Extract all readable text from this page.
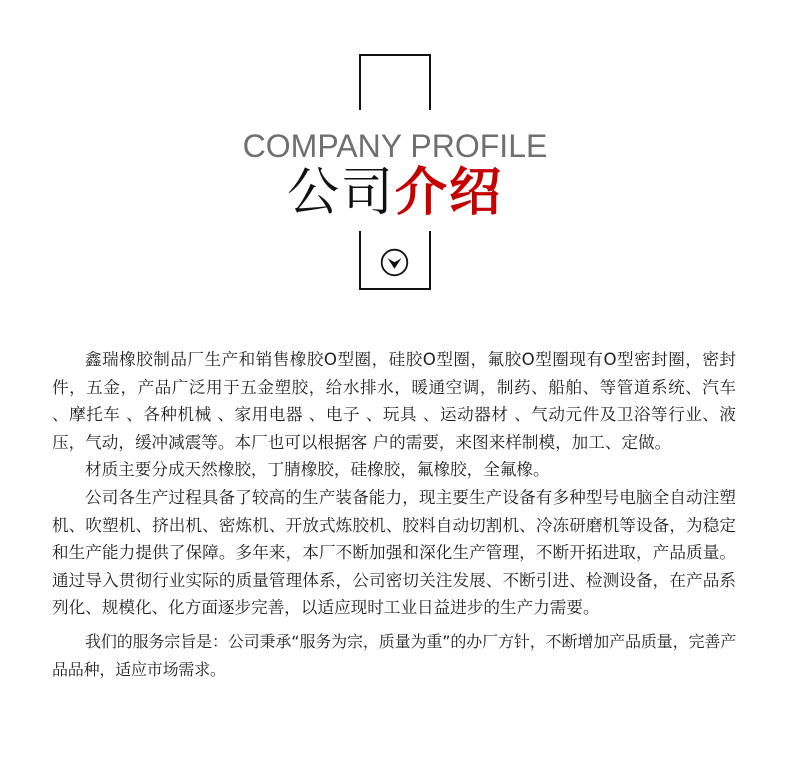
COMPANY PROFILE
公司介绍

鑫瑞橡胶制品厂生产和销售橡胶O型圈，硅胶O型圈，氟胶O型圈现有O型密封圈，密封件，五金，产品广泛用于五金塑胶，给水排水，暖通空调，制药、船舶、等管道系统、汽车 、摩托车 、各种机械 、家用电器 、电子 、玩具 、运动器材 、气动元件及卫浴等行业、液压，气动，缓冲减震等。本厂也可以根据客 户的需要，来图来样制模，加工、定做。

材质主要分成天然橡胶，丁腈橡胶，硅橡胶，氟橡胶，全氟橡。

公司各生产过程具备了较高的生产装备能力，现主要生产设备有多种型号电脑全自动注塑机、吹塑机、挤出机、密炼机、开放式炼胶机、胶料自动切割机、冷冻研磨机等设备，为稳定和生产能力提供了保障。多年来，本厂不断加强和深化生产管理，不断开拓进取，产品质量。通过导入贯彻行业实际的质量管理体系，公司密切关注发展、不断引进、检测设备，在产品系列化、规模化、化方面逐步完善，以适应现时工业日益进步的生产力需要。

我们的服务宗旨是：公司秉承“服务为宗，质量为重”的办厂方针，不断增加产品质量，完善产品品种，适应市场需求。
